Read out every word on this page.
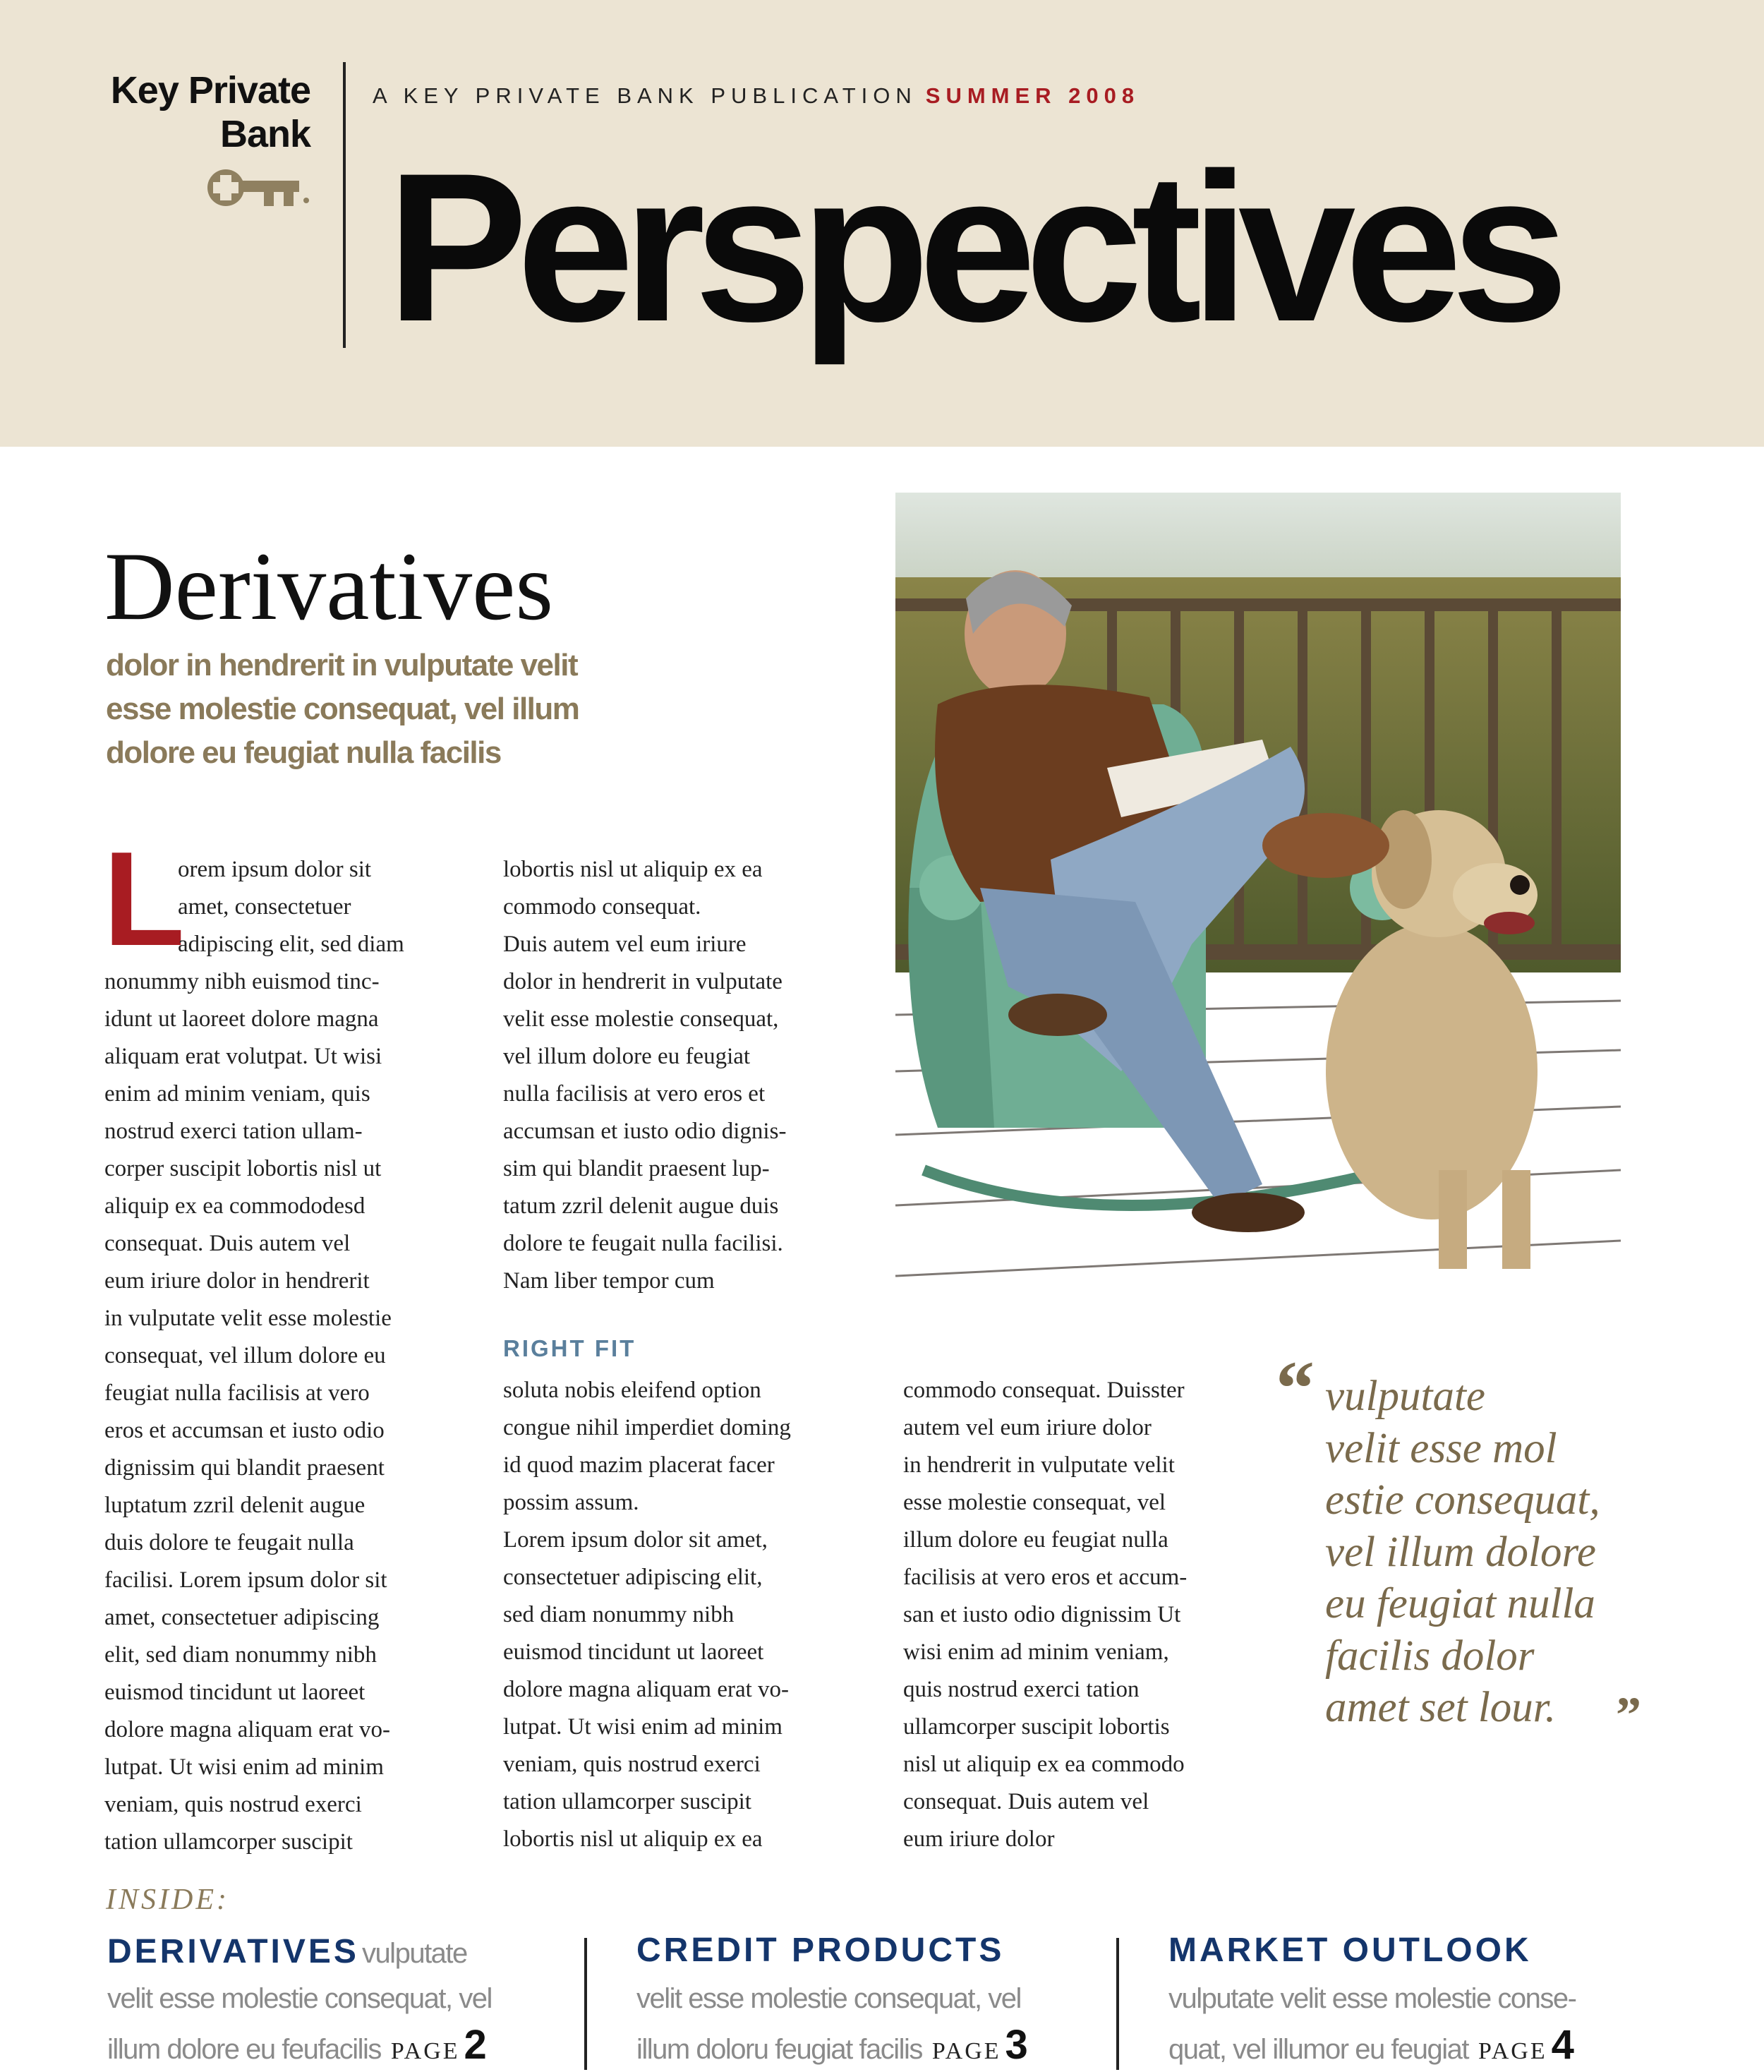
Key Private
Bank
A KEY PRIVATE BANK PUBLICATION SUMMER 2008
Perspectives
Derivatives
dolor in hendrerit in vulputate velit esse molestie consequat, vel illum dolore eu feugiat nulla facilis
L

orem ipsum dolor sit

amet, consectetuer

adipiscing elit, sed diam

nonummy nibh euismod tinc-

idunt ut laoreet dolore magna

aliquam erat volutpat. Ut wisi

enim ad minim veniam, quis

nostrud exerci tation ullam-

corper suscipit lobortis nisl ut

aliquip ex ea commododesd

consequat. Duis autem vel

eum iriure dolor in hendrerit

in vulputate velit esse molestie

consequat, vel illum dolore eu

feugiat nulla facilisis at vero

eros et accumsan et iusto odio

dignissim qui blandit praesent

luptatum zzril delenit augue

duis dolore te feugait nulla

facilisi. Lorem ipsum dolor sit

amet, consectetuer adipiscing

elit, sed diam nonummy nibh

euismod tincidunt ut laoreet

dolore magna aliquam erat vo-

lutpat. Ut wisi enim ad minim

veniam, quis nostrud exerci

tation ullamcorper suscipit

lobortis nisl ut aliquip ex ea

commodo consequat.

Duis autem vel eum iriure

dolor in hendrerit in vulputate

velit esse molestie consequat,

vel illum dolore eu feugiat

nulla facilisis at vero eros et

accumsan et iusto odio dignis-

sim qui blandit praesent lup-

tatum zzril delenit augue duis

dolore te feugait nulla facilisi.

Nam liber tempor cum

RIGHT FIT

soluta nobis eleifend option

congue nihil imperdiet doming

id quod mazim placerat facer

possim assum.

Lorem ipsum dolor sit amet,

consectetuer adipiscing elit,

sed diam nonummy nibh

euismod tincidunt ut laoreet

dolore magna aliquam erat vo-

lutpat. Ut wisi enim ad minim

veniam, quis nostrud exerci

tation ullamcorper suscipit

lobortis nisl ut aliquip ex ea

commodo consequat. Duisster

autem vel eum iriure dolor

in hendrerit in vulputate velit

esse molestie consequat, vel

illum dolore eu feugiat nulla

facilisis at vero eros et accum-

san et iusto odio dignissim Ut

wisi enim ad minim veniam,

quis nostrud exerci tation

ullamcorper suscipit lobortis

nisl ut aliquip ex ea commodo

consequat. Duis autem vel

eum iriure dolor

“ vulputate

velit esse mol

estie consequat,

vel illum dolore

eu feugiat nulla

facilis dolor

amet set lour.	”
INSIDE:
DERIVATIVES vulputate
velit esse molestie consequat, vel
illum dolore eu feufacilis PAGE 2
CREDIT PRODUCTS
velit esse molestie consequat, vel
illum doloru feugiat facilis PAGE 3
MARKET OUTLOOK
vulputate velit esse molestie conse-
quat, vel illumor eu feugiat PAGE 4
